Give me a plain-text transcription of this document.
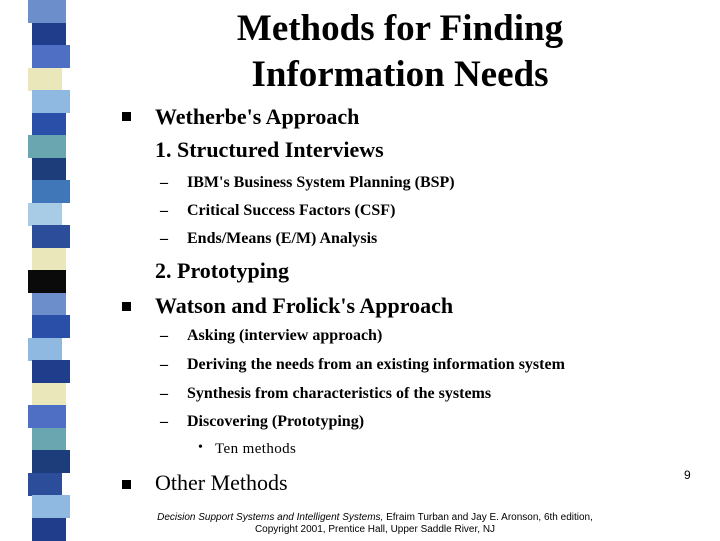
Methods for Finding
Information Needs
Wetherbe's Approach
1. Structured Interviews
– IBM's Business System Planning (BSP)
– Critical Success Factors (CSF)
– Ends/Means (E/M) Analysis
2. Prototyping
Watson and Frolick's Approach
– Asking (interview approach)
– Deriving the needs from an existing information system
– Synthesis from characteristics of the systems
– Discovering (Prototyping)
• Ten methods
Other Methods	9
Decision Support Systems and Intelligent Systems, Efraim Turban and Jay E. Aronson, 6th edition,
Copyright 2001, Prentice Hall, Upper Saddle River, NJ
